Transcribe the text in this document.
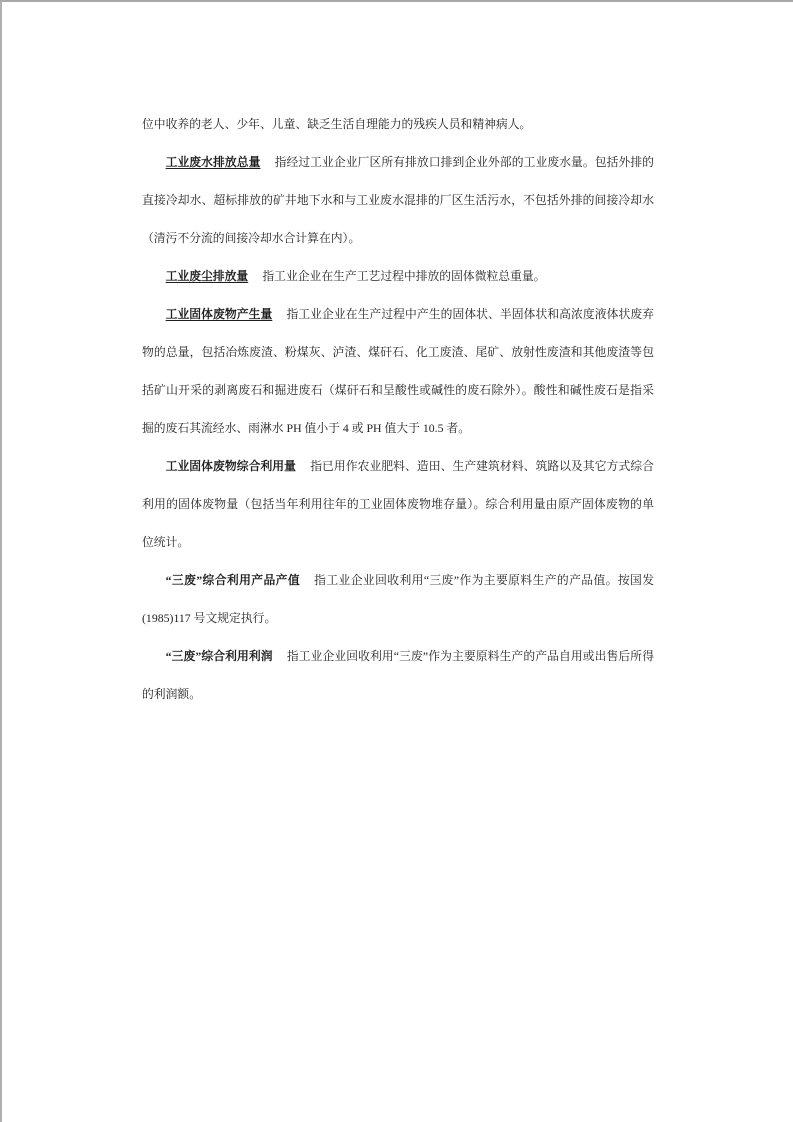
位中收养的老人、少年、儿童、缺乏生活自理能力的残疾人员和精神病人。

工业废水排放总量 指经过工业企业厂区所有排放口排到企业外部的工业废水量。包括外排的直接冷却水、超标排放的矿井地下水和与工业废水混排的厂区生活污水，不包括外排的间接冷却水（清污不分流的间接冷却水合计算在内）。

工业废尘排放量 指工业企业在生产工艺过程中排放的固体微粒总重量。

工业固体废物产生量 指工业企业在生产过程中产生的固体状、半固体状和高浓度液体状废弃物的总量，包括冶炼废渣、粉煤灰、泸渣、煤矸石、化工废渣、尾矿、放射性废渣和其他废渣等包括矿山开采的剥离废石和掘进废石（煤矸石和呈酸性或碱性的废石除外）。酸性和碱性废石是指采掘的废石其流经水、雨淋水 PH 值小于 4 或 PH 值大于 10.5 者。

工业固体废物综合利用量 指已用作农业肥料、造田、生产建筑材料、筑路以及其它方式综合利用的固体废物量（包括当年利用往年的工业固体废物堆存量）。综合利用量由原产固体废物的单位统计。

“三废”综合利用产品产值 指工业企业回收利用“三废”作为主要原料生产的产品值。按国发(1985)117 号文规定执行。

“三废”综合利用利润 指工业企业回收利用“三废”作为主要原料生产的产品自用或出售后所得的利润额。
